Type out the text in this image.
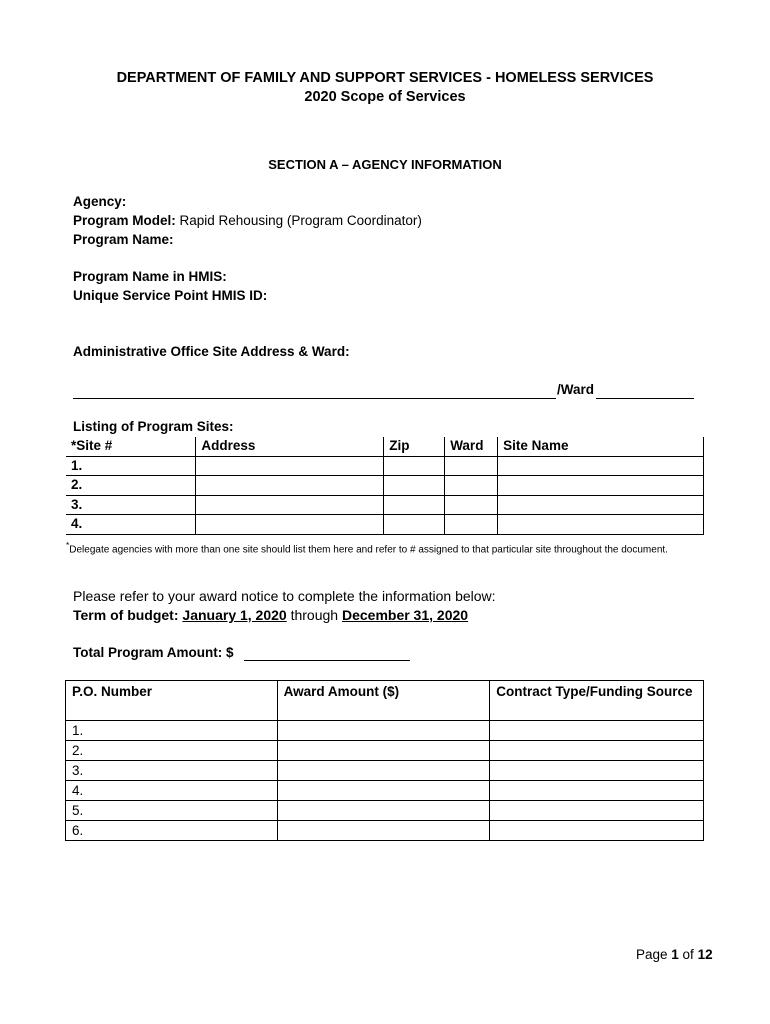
DEPARTMENT OF FAMILY AND SUPPORT SERVICES - HOMELESS SERVICES
2020 Scope of Services
SECTION A – AGENCY INFORMATION
Agency:
Program Model: Rapid Rehousing (Program Coordinator)
Program Name:
Program Name in HMIS:
Unique Service Point HMIS ID:
Administrative Office Site Address & Ward:
/Ward
Listing of Program Sites:
*Site #	Address	Zip	Ward	Site Name
1.				
2.				
3.				
4.				
*Delegate agencies with more than one site should list them here and refer to # assigned to that particular site throughout the document.
Please refer to your award notice to complete the information below:
Term of budget: January 1, 2020 through December 31, 2020
Total Program Amount: $
P.O. Number	Award Amount ($)	Contract Type/Funding Source
1.		
2.		
3.		
4.		
5.		
6.		
Page 1 of 12
